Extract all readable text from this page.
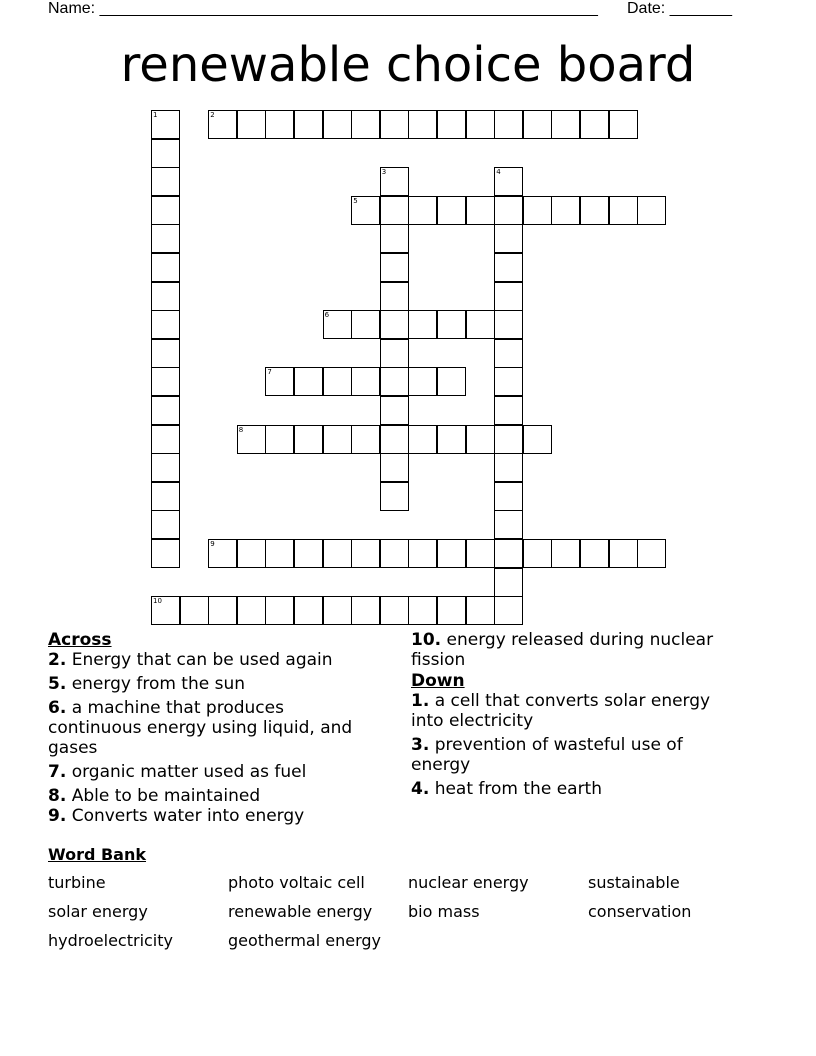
Name: ________________________________________________________ Date: _______
renewable choice board
1	2
3	4
5
6
7
8
9
10

Across

2. Energy that can be used again

5. energy from the sun

6. a machine that produces continuous energy using liquid, and gases

7. organic matter used as fuel

8. Able to be maintained

9. Converts water into energy

10. energy released during nuclear fission

Down

1. a cell that converts solar energy into electricity

3. prevention of wasteful use of energy

4. heat from the earth

Word Bank
turbine	photo voltaic cell	nuclear energy	sustainable
solar energy	renewable energy	bio mass	conservation
hydroelectricity	geothermal energy
